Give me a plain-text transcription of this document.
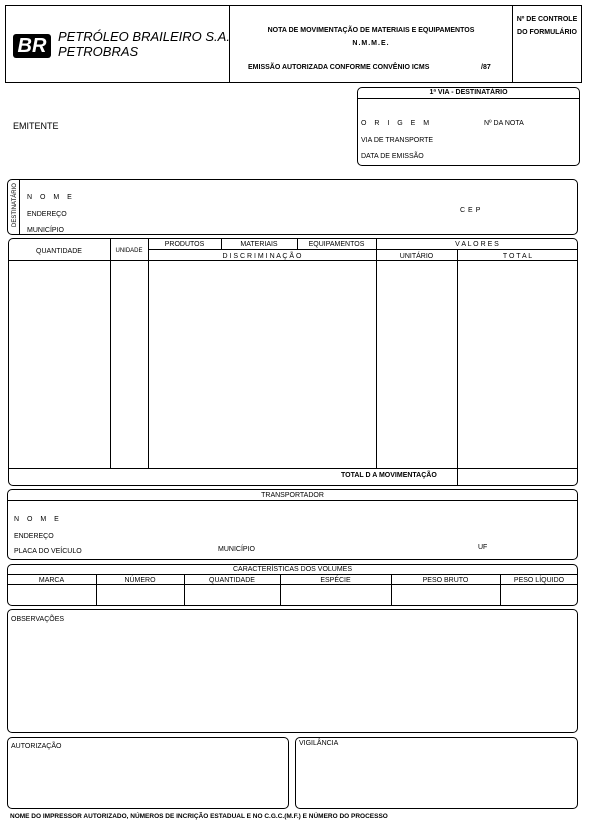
BR PETRÓLEO BRAILEIRO S.A.
PETROBRAS
NOTA DE MOVIMENTAÇÃO DE MATERIAIS E EQUIPAMENTOS
N.M.M.E.
EMISSÃO AUTORIZADA CONFORME CONVÊNIO ICMS	/87
Nº DE CONTROLE
DO FORMULÁRIO
1ª VIA - DESTINATÁRIO
O R I G E M	Nº DA NOTA
VIA DE TRANSPORTE
DATA DE EMISSÃO
EMITENTE
DESTINATÁRIO N O M E
ENDEREÇO
MUNICÍPIO
CEP
QUANTIDADE	UNIDADE
PRODUTOS	MATERIAIS	EQUIPAMENTOS	V A L O R E S
D I S C R I M I N A Ç Ã O	UNITÁRIO	T O T A L
TOTAL D A MOVIMENTAÇÃO
TRANSPORTADOR
N O M E
ENDEREÇO
PLACA DO VEÍCULO	MUNICÍPIO	UF
CARACTERÍSTICAS DOS VOLUMES
MARCA	NÚMERO	QUANTIDADE	ESPÉCIE	PESO BRUTO	PESO LÍQUIDO
OBSERVAÇÕES
AUTORIZAÇÃO	VIGILÂNCIA
NOME DO IMPRESSOR AUTORIZADO, NÚMEROS DE INCRIÇÃO ESTADUAL E NO C.G.C.(M.F.) E NÚMERO DO PROCESSO
